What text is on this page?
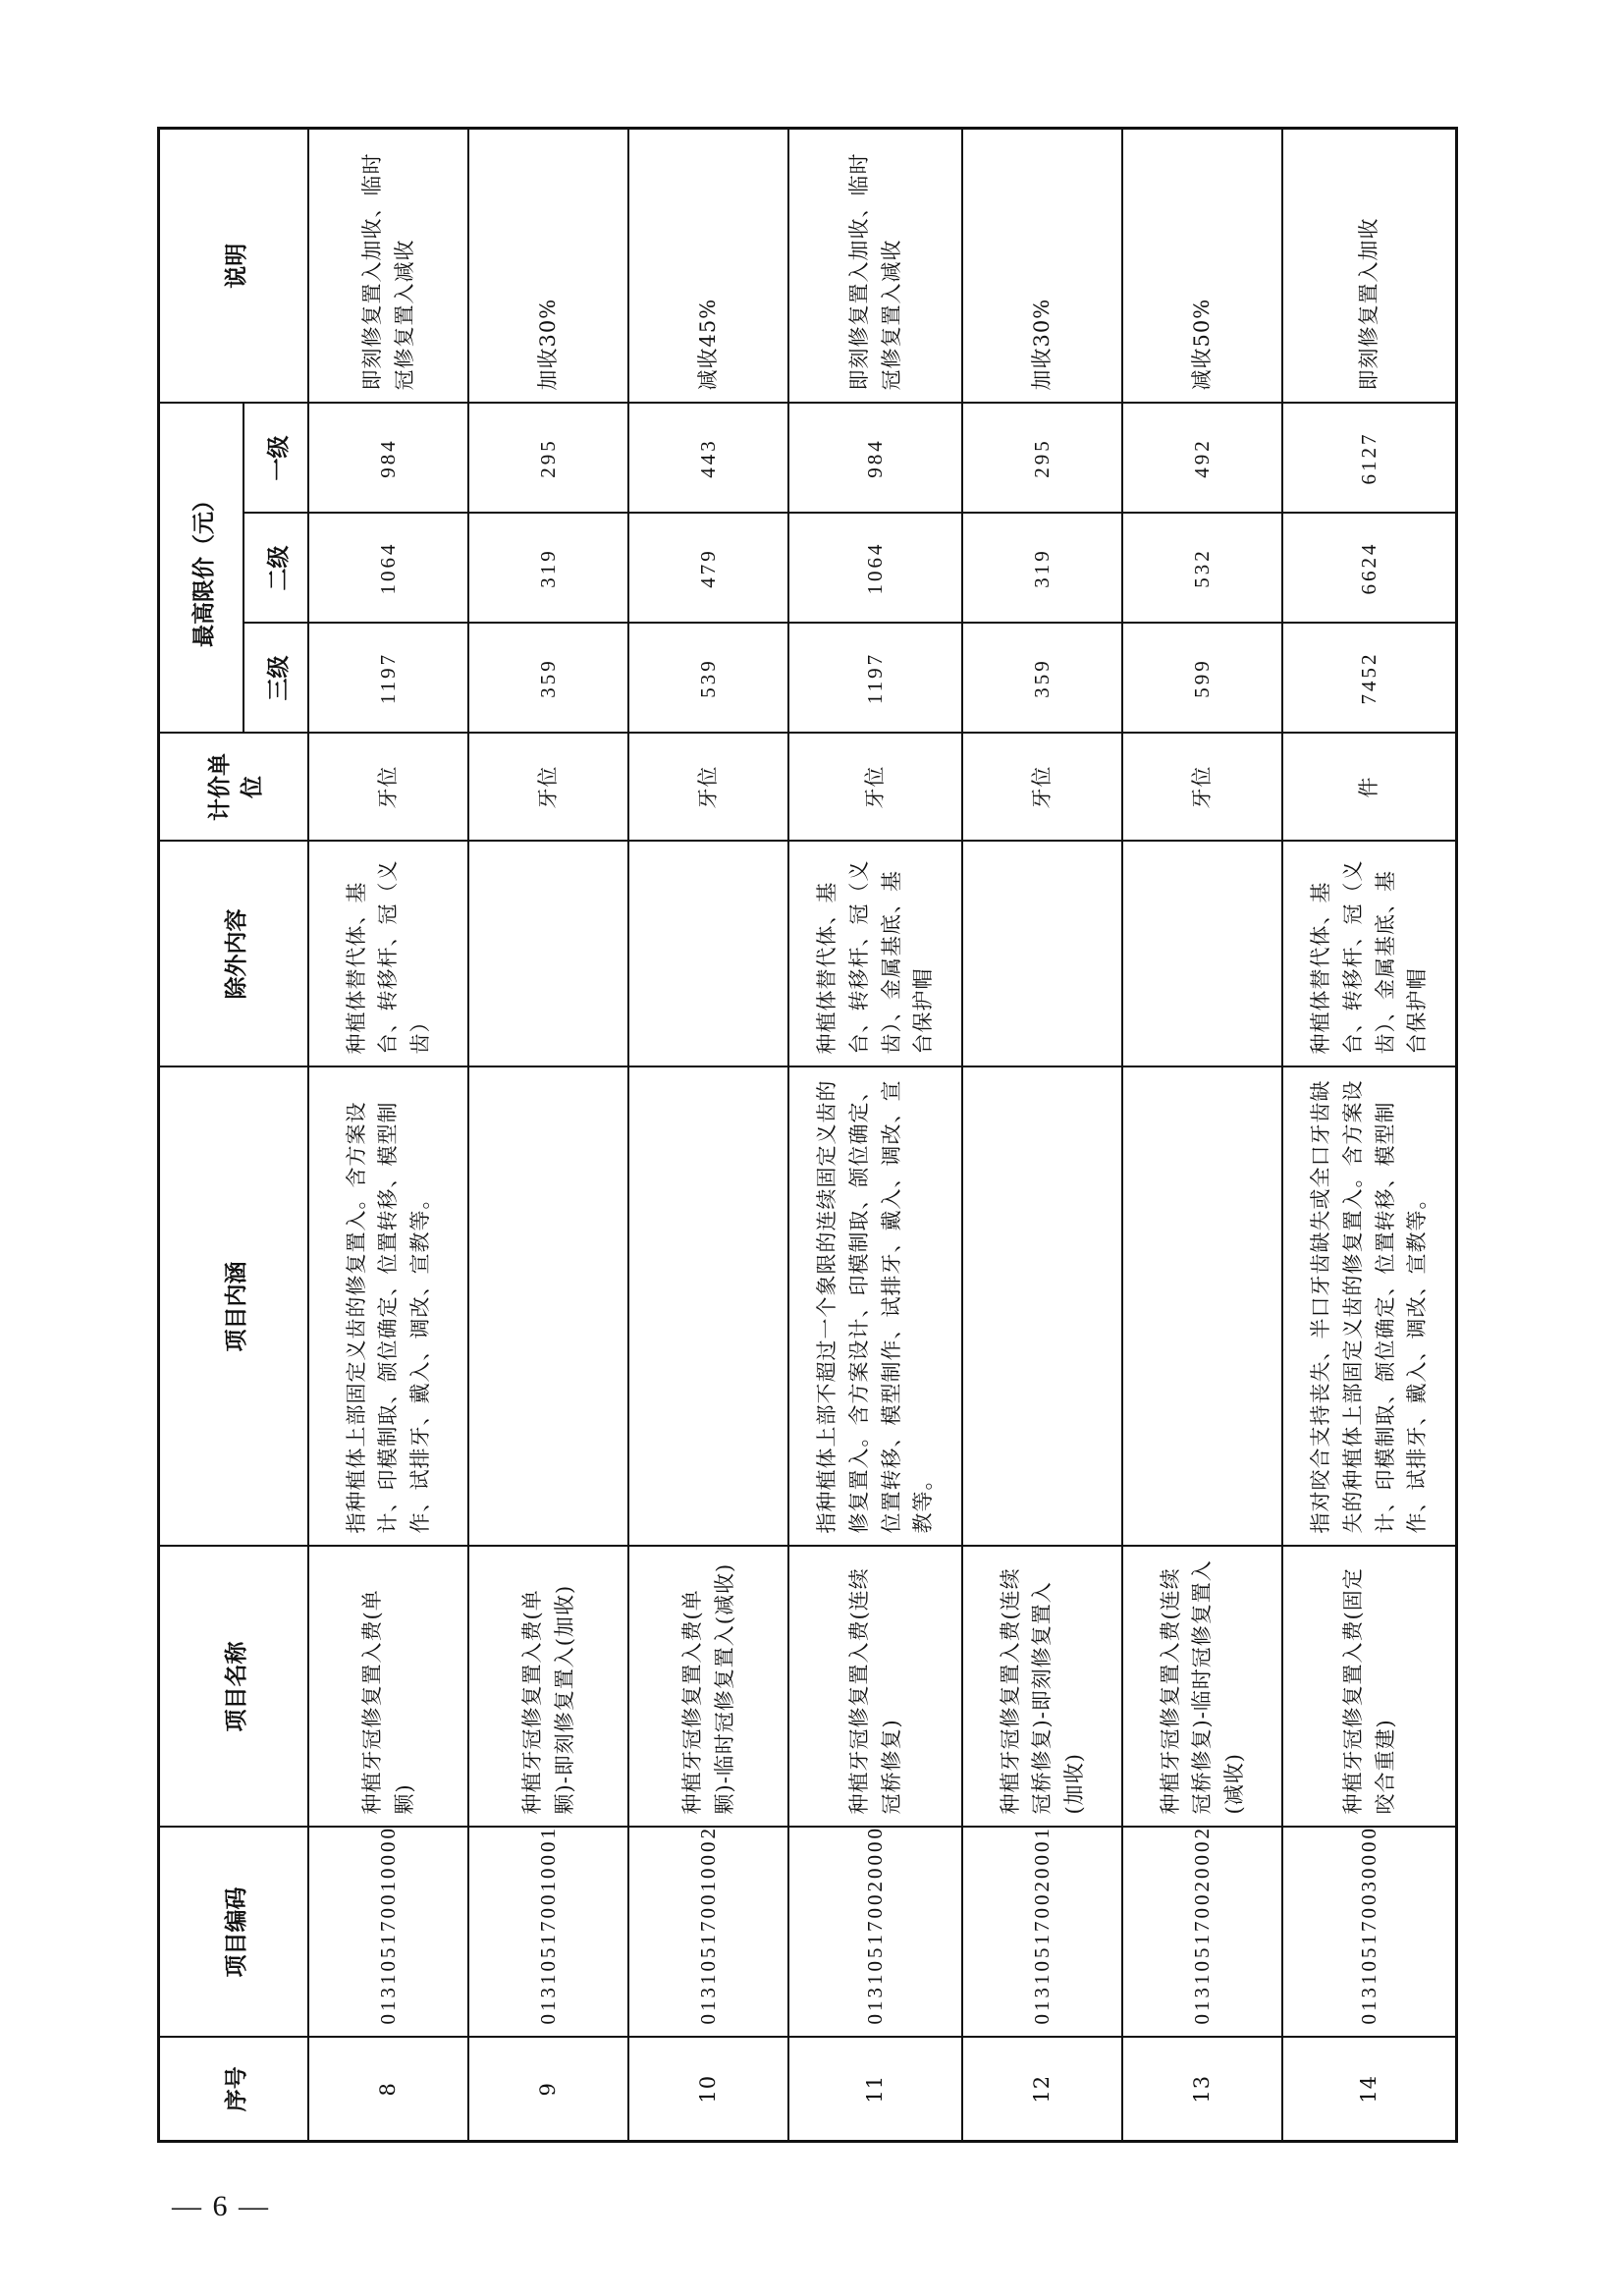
序号	项目编码	项目名称	项目内涵	除外内容	计价单位	最高限价（元）			说明
						三级	二级	一级	
8	013105170010000	种植牙冠修复置入费(单颗)	指种植体上部固定义齿的修复置入。含方案设计、印模制取、颌位确定、位置转移、模型制作、试排牙、戴入、调改、宣教等。	种植体替代体、基台、转移杆、冠（义齿）	牙位	1197	1064	984	即刻修复置入加收、临时冠修复置入减收
9	013105170010001	种植牙冠修复置入费(单颗)-即刻修复置入(加收)			牙位	359	319	295	加收30%
10	013105170010002	种植牙冠修复置入费(单颗)-临时冠修复置入(减收)			牙位	539	479	443	减收45%
11	013105170020000	种植牙冠修复置入费(连续冠桥修复)	指种植体上部不超过一个象限的连续固定义齿的修复置入。含方案设计、印模制取、颌位确定、位置转移、模型制作、试排牙、戴入、调改、宣教等。	种植体替代体、基台、转移杆、冠（义齿）、金属基底、基台保护帽	牙位	1197	1064	984	即刻修复置入加收、临时冠修复置入减收
12	013105170020001	种植牙冠修复置入费(连续冠桥修复)-即刻修复置入(加收)			牙位	359	319	295	加收30%
13	013105170020002	种植牙冠修复置入费(连续冠桥修复)-临时冠修复置入(减收)			牙位	599	532	492	减收50%
14	013105170030000	种植牙冠修复置入费(固定咬合重建)	指对咬合支持丧失、半口牙齿缺失或全口牙齿缺失的种植体上部固定义齿的修复置入。含方案设计、印模制取、颌位确定、位置转移、模型制作、试排牙、戴入、调改、宣教等。	种植体替代体、基台、转移杆、冠（义齿）、金属基底、基台保护帽	件	7452	6624	6127	即刻修复置入加收
— 6 —
